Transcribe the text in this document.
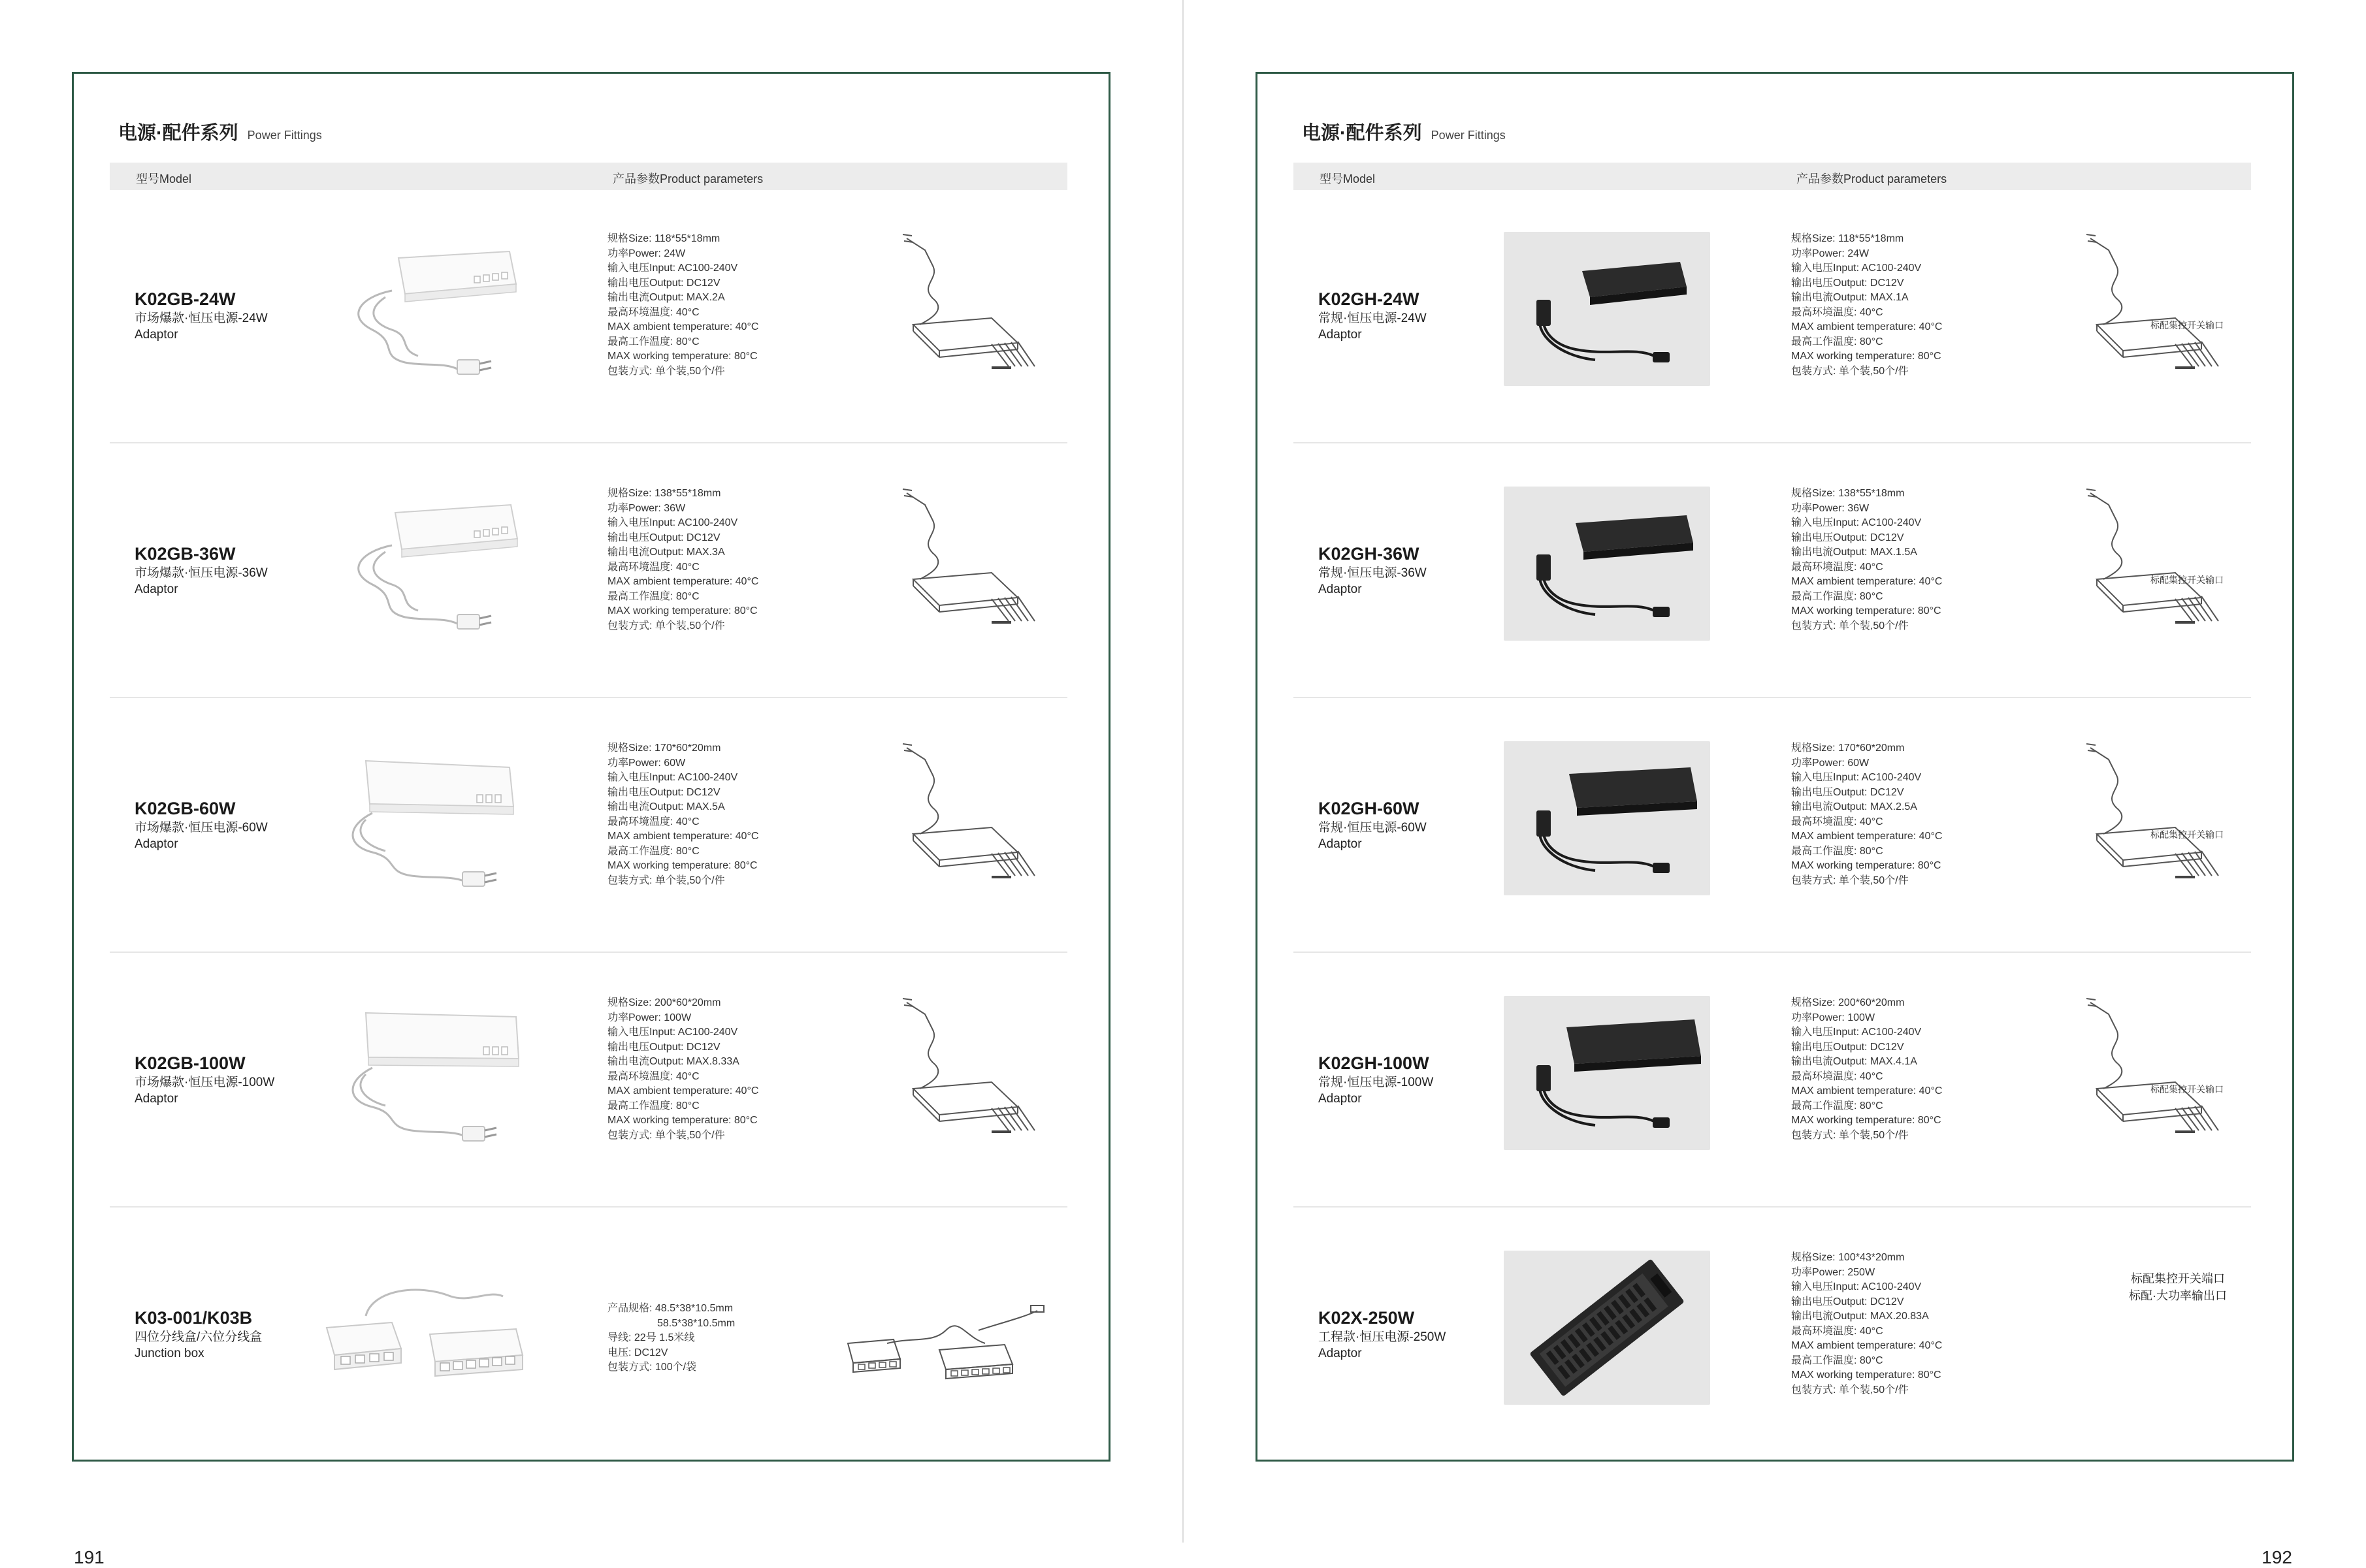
电源·配件系列 Power Fittings
型号Model	产品参数Product parameters
K02GB-24W
市场爆款·恒压电源-24W
Adaptor

规格Size: 118*55*18mm

功率Power: 24W

输入电压Input: AC100-240V

输出电压Output: DC12V

输出电流Output: MAX.2A

最高环境温度: 40°C

MAX ambient temperature: 40°C

最高工作温度: 80°C

MAX working temperature: 80°C

包装方式: 单个装,50个/件

K02GB-36W
市场爆款·恒压电源-36W
Adaptor

规格Size: 138*55*18mm

功率Power: 36W

输入电压Input: AC100-240V

输出电压Output: DC12V

输出电流Output: MAX.3A

最高环境温度: 40°C

MAX ambient temperature: 40°C

最高工作温度: 80°C

MAX working temperature: 80°C

包装方式: 单个装,50个/件

K02GB-60W
市场爆款·恒压电源-60W
Adaptor

规格Size: 170*60*20mm

功率Power: 60W

输入电压Input: AC100-240V

输出电压Output: DC12V

输出电流Output: MAX.5A

最高环境温度: 40°C

MAX ambient temperature: 40°C

最高工作温度: 80°C

MAX working temperature: 80°C

包装方式: 单个装,50个/件

K02GB-100W
市场爆款·恒压电源-100W
Adaptor

规格Size: 200*60*20mm

功率Power: 100W

输入电压Input: AC100-240V

输出电压Output: DC12V

输出电流Output: MAX.8.33A

最高环境温度: 40°C

MAX ambient temperature: 40°C

最高工作温度: 80°C

MAX working temperature: 80°C

包装方式: 单个装,50个/件

K03-001/K03B
四位分线盒/六位分线盒
Junction box

产品规格: 48.5*38*10.5mm

58.5*38*10.5mm

导线: 22号 1.5米线

电压: DC12V

包装方式: 100个/袋

191
电源·配件系列 Power Fittings
型号Model	产品参数Product parameters
K02GH-24W
常规·恒压电源-24W
Adaptor

规格Size: 118*55*18mm

功率Power: 24W

输入电压Input: AC100-240V

输出电压Output: DC12V

输出电流Output: MAX.1A

最高环境温度: 40°C

MAX ambient temperature: 40°C

最高工作温度: 80°C

MAX working temperature: 80°C

包装方式: 单个装,50个/件

标配集控开关输口
K02GH-36W
常规·恒压电源-36W
Adaptor

规格Size: 138*55*18mm

功率Power: 36W

输入电压Input: AC100-240V

输出电压Output: DC12V

输出电流Output: MAX.1.5A

最高环境温度: 40°C

MAX ambient temperature: 40°C

最高工作温度: 80°C

MAX working temperature: 80°C

包装方式: 单个装,50个/件

标配集控开关输口
K02GH-60W
常规·恒压电源-60W
Adaptor

规格Size: 170*60*20mm

功率Power: 60W

输入电压Input: AC100-240V

输出电压Output: DC12V

输出电流Output: MAX.2.5A

最高环境温度: 40°C

MAX ambient temperature: 40°C

最高工作温度: 80°C

MAX working temperature: 80°C

包装方式: 单个装,50个/件

标配集控开关输口
K02GH-100W
常规·恒压电源-100W
Adaptor

规格Size: 200*60*20mm

功率Power: 100W

输入电压Input: AC100-240V

输出电压Output: DC12V

输出电流Output: MAX.4.1A

最高环境温度: 40°C

MAX ambient temperature: 40°C

最高工作温度: 80°C

MAX working temperature: 80°C

包装方式: 单个装,50个/件

标配集控开关输口
K02X-250W
工程款·恒压电源-250W
Adaptor

规格Size: 100*43*20mm

功率Power: 250W

输入电压Input: AC100-240V

输出电压Output: DC12V

输出电流Output: MAX.20.83A

最高环境温度: 40°C

MAX ambient temperature: 40°C

最高工作温度: 80°C

MAX working temperature: 80°C

包装方式: 单个装,50个/件

标配集控开关端口

标配·大功率输出口

192
